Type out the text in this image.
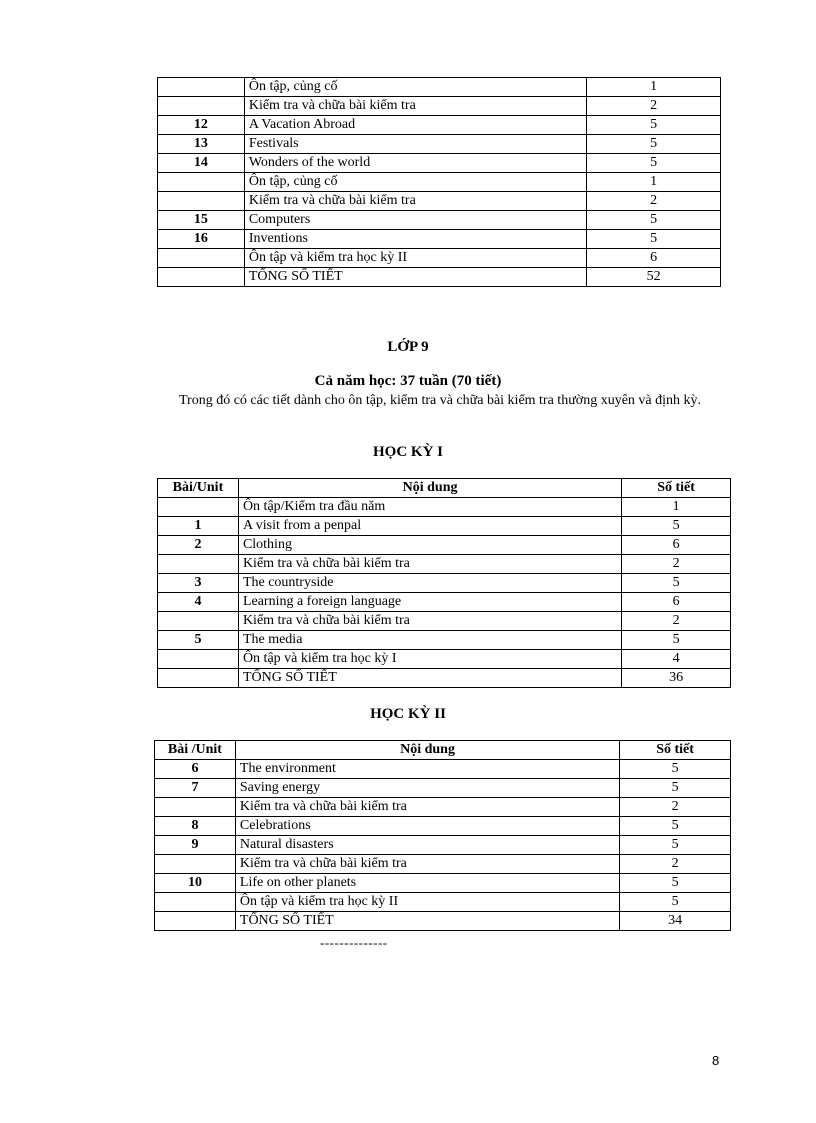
	Ôn tập, củng cố	1
	Kiểm tra và chữa bài kiểm tra	2
12	A Vacation Abroad	5
13	Festivals	5
14	Wonders of the world	5
	Ôn tập, củng cố	1
	Kiểm tra và chữa bài kiểm tra	2
15	Computers	5
16	Inventions	5
	Ôn tập và kiểm tra học kỳ II	6
	TỔNG SỐ TIẾT	52
LỚP 9
Cả năm học: 37 tuần (70 tiết)
Trong đó có các tiết dành cho ôn tập, kiểm tra và chữa bài kiểm tra thường xuyên và định kỳ.
HỌC KỲ I
Bài/Unit	Nội dung	Số tiết
	Ôn tập/Kiểm tra đầu năm	1
1	A visit from a penpal	5
2	Clothing	6
	Kiểm tra và chữa bài kiểm tra	2
3	The countryside	5
4	Learning a foreign language	6
	Kiểm tra và chữa bài kiểm tra	2
5	The media	5
	Ôn tập và kiểm tra học kỳ I	4
	TỔNG SỐ TIẾT	36
HỌC KỲ II
Bài /Unit	Nội dung	Số tiết
6	The environment	5
7	Saving energy	5
	Kiểm tra và chữa bài kiểm tra	2
8	Celebrations	5
9	Natural disasters	5
	Kiểm tra và chữa bài kiểm tra	2
10	Life on other planets	5
	Ôn tập và kiểm tra học kỳ II	5
	TỔNG SỐ TIẾT	34
--------------
8
